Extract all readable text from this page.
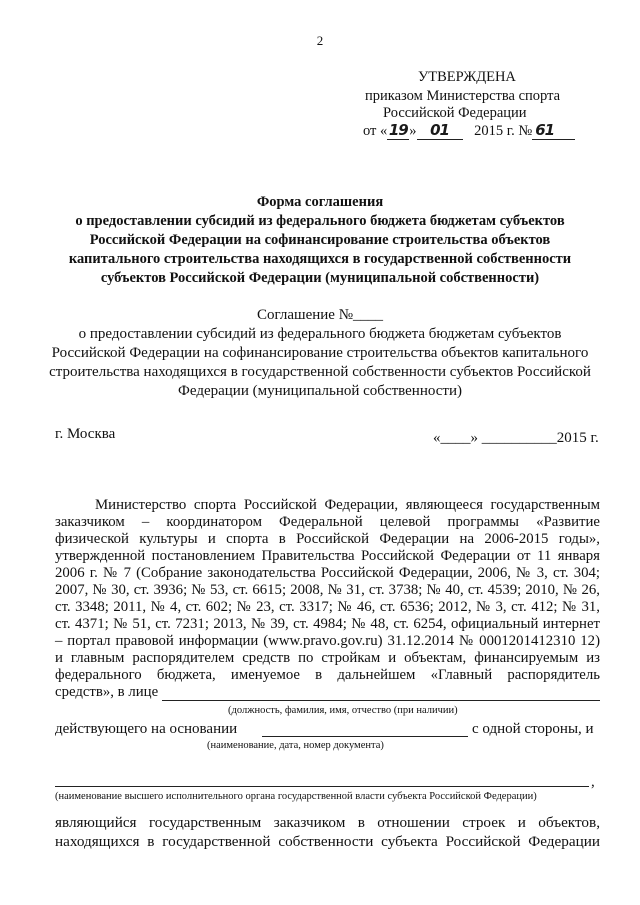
2
УТВЕРЖДЕНА
приказом Министерства спорта
Российской Федерации
от « 19 » 01 2015 г. № 61
Форма соглашения
о предоставлении субсидий из федерального бюджета бюджетам субъектов
Российской Федерации на софинансирование строительства объектов
капитального строительства находящихся в государственной собственности
субъектов Российской Федерации (муниципальной собственности)
Соглашение №____
о предоставлении субсидий из федерального бюджета бюджетам субъектов
Российской Федерации на софинансирование строительства объектов капитального
строительства находящихся в государственной собственности субъектов Российской
Федерации (муниципальной собственности)
г. Москва	«____» __________2015 г.
Министерство спорта Российской Федерации, являющееся государственным
заказчиком – координатором Федеральной целевой программы «Развитие
физической культуры и спорта в Российской Федерации на 2006-2015 годы»,
утвержденной постановлением Правительства Российской Федерации от 11 января
2006 г. № 7 (Собрание законодательства Российской Федерации, 2006, № 3, ст. 304;
2007, № 30, ст. 3936; № 53, ст. 6615; 2008, № 31, ст. 3738; № 40, ст. 4539; 2010, № 26,
ст. 3348; 2011, № 4, ст. 602; № 23, ст. 3317; № 46, ст. 6536; 2012, № 3, ст. 412; № 31,
ст. 4371; № 51, ст. 7231; 2013, № 39, ст. 4984; № 48, ст. 6254, официальный интернет
– портал правовой информации (www.pravo.gov.ru) 31.12.2014 № 0001201412310 12)
и главным распорядителем средств по стройкам и объектам, финансируемым из
федерального бюджета, именуемое в дальнейшем «Главный распорядитель
средств», в лице
(должность, фамилия, имя, отчество (при наличии)
действующего на основании	с одной стороны, и
(наименование, дата, номер документа)
,
(наименование высшего исполнительного органа государственной власти субъекта Российской Федерации)
являющийся государственным заказчиком в отношении строек и объектов,
находящихся в государственной собственности субъекта Российской Федерации
